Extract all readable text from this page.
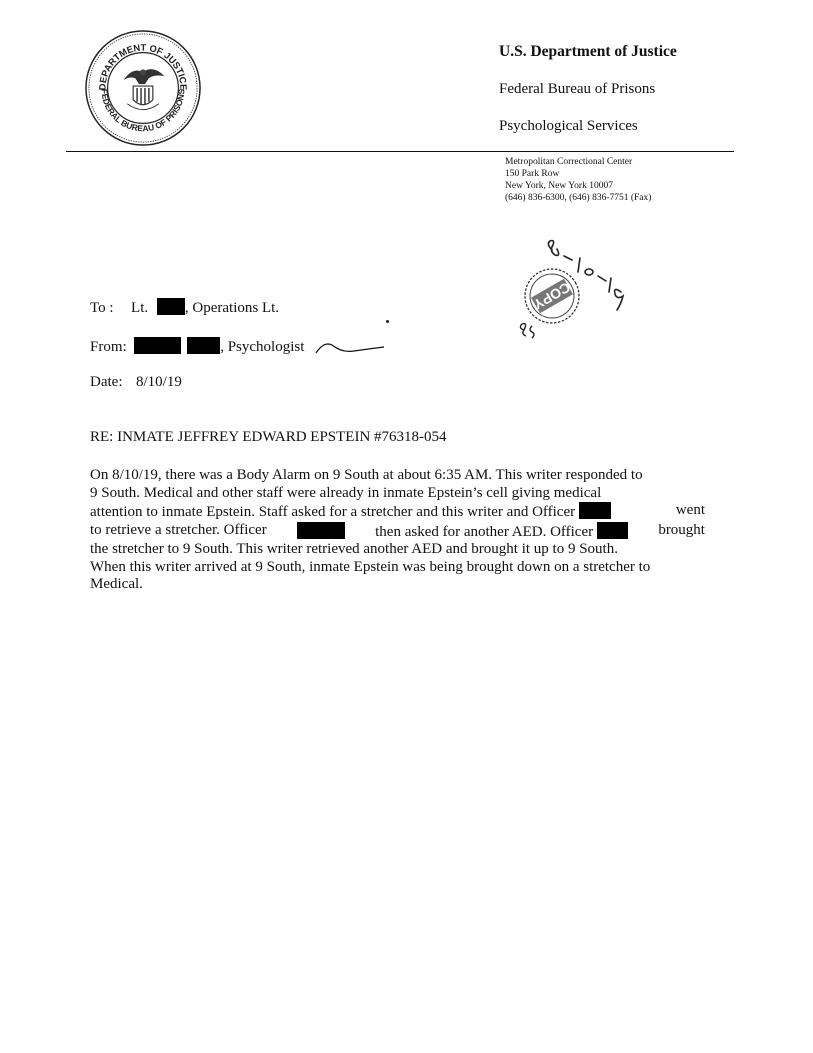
DEPARTMENT OF JUSTICE
FEDERAL BUREAU OF PRISONS
U.S. Department of Justice
Federal Bureau of Prisons
Psychological Services
Metropolitan Correctional Center
150 Park Row
New York, New York 10007
(646) 836-6300, (646) 836-7751 (Fax)
COPY
To : Lt. , Operations Lt.
From:	, Psychologist
Date: 8/10/19
RE: INMATE JEFFREY EDWARD EPSTEIN #76318-054
On 8/10/19, there was a Body Alarm on 9 South at about 6:35 AM. This writer responded to
9 South. Medical and other staff were already in inmate Epstein’s cell giving medical
attention to inmate Epstein. Staff asked for a stretcher and this writer and Officer	went
to retrieve a stretcher. Officer	then asked for another AED. Officer	brought
the stretcher to 9 South. This writer retrieved another AED and brought it up to 9 South.
When this writer arrived at 9 South, inmate Epstein was being brought down on a stretcher to
Medical.
